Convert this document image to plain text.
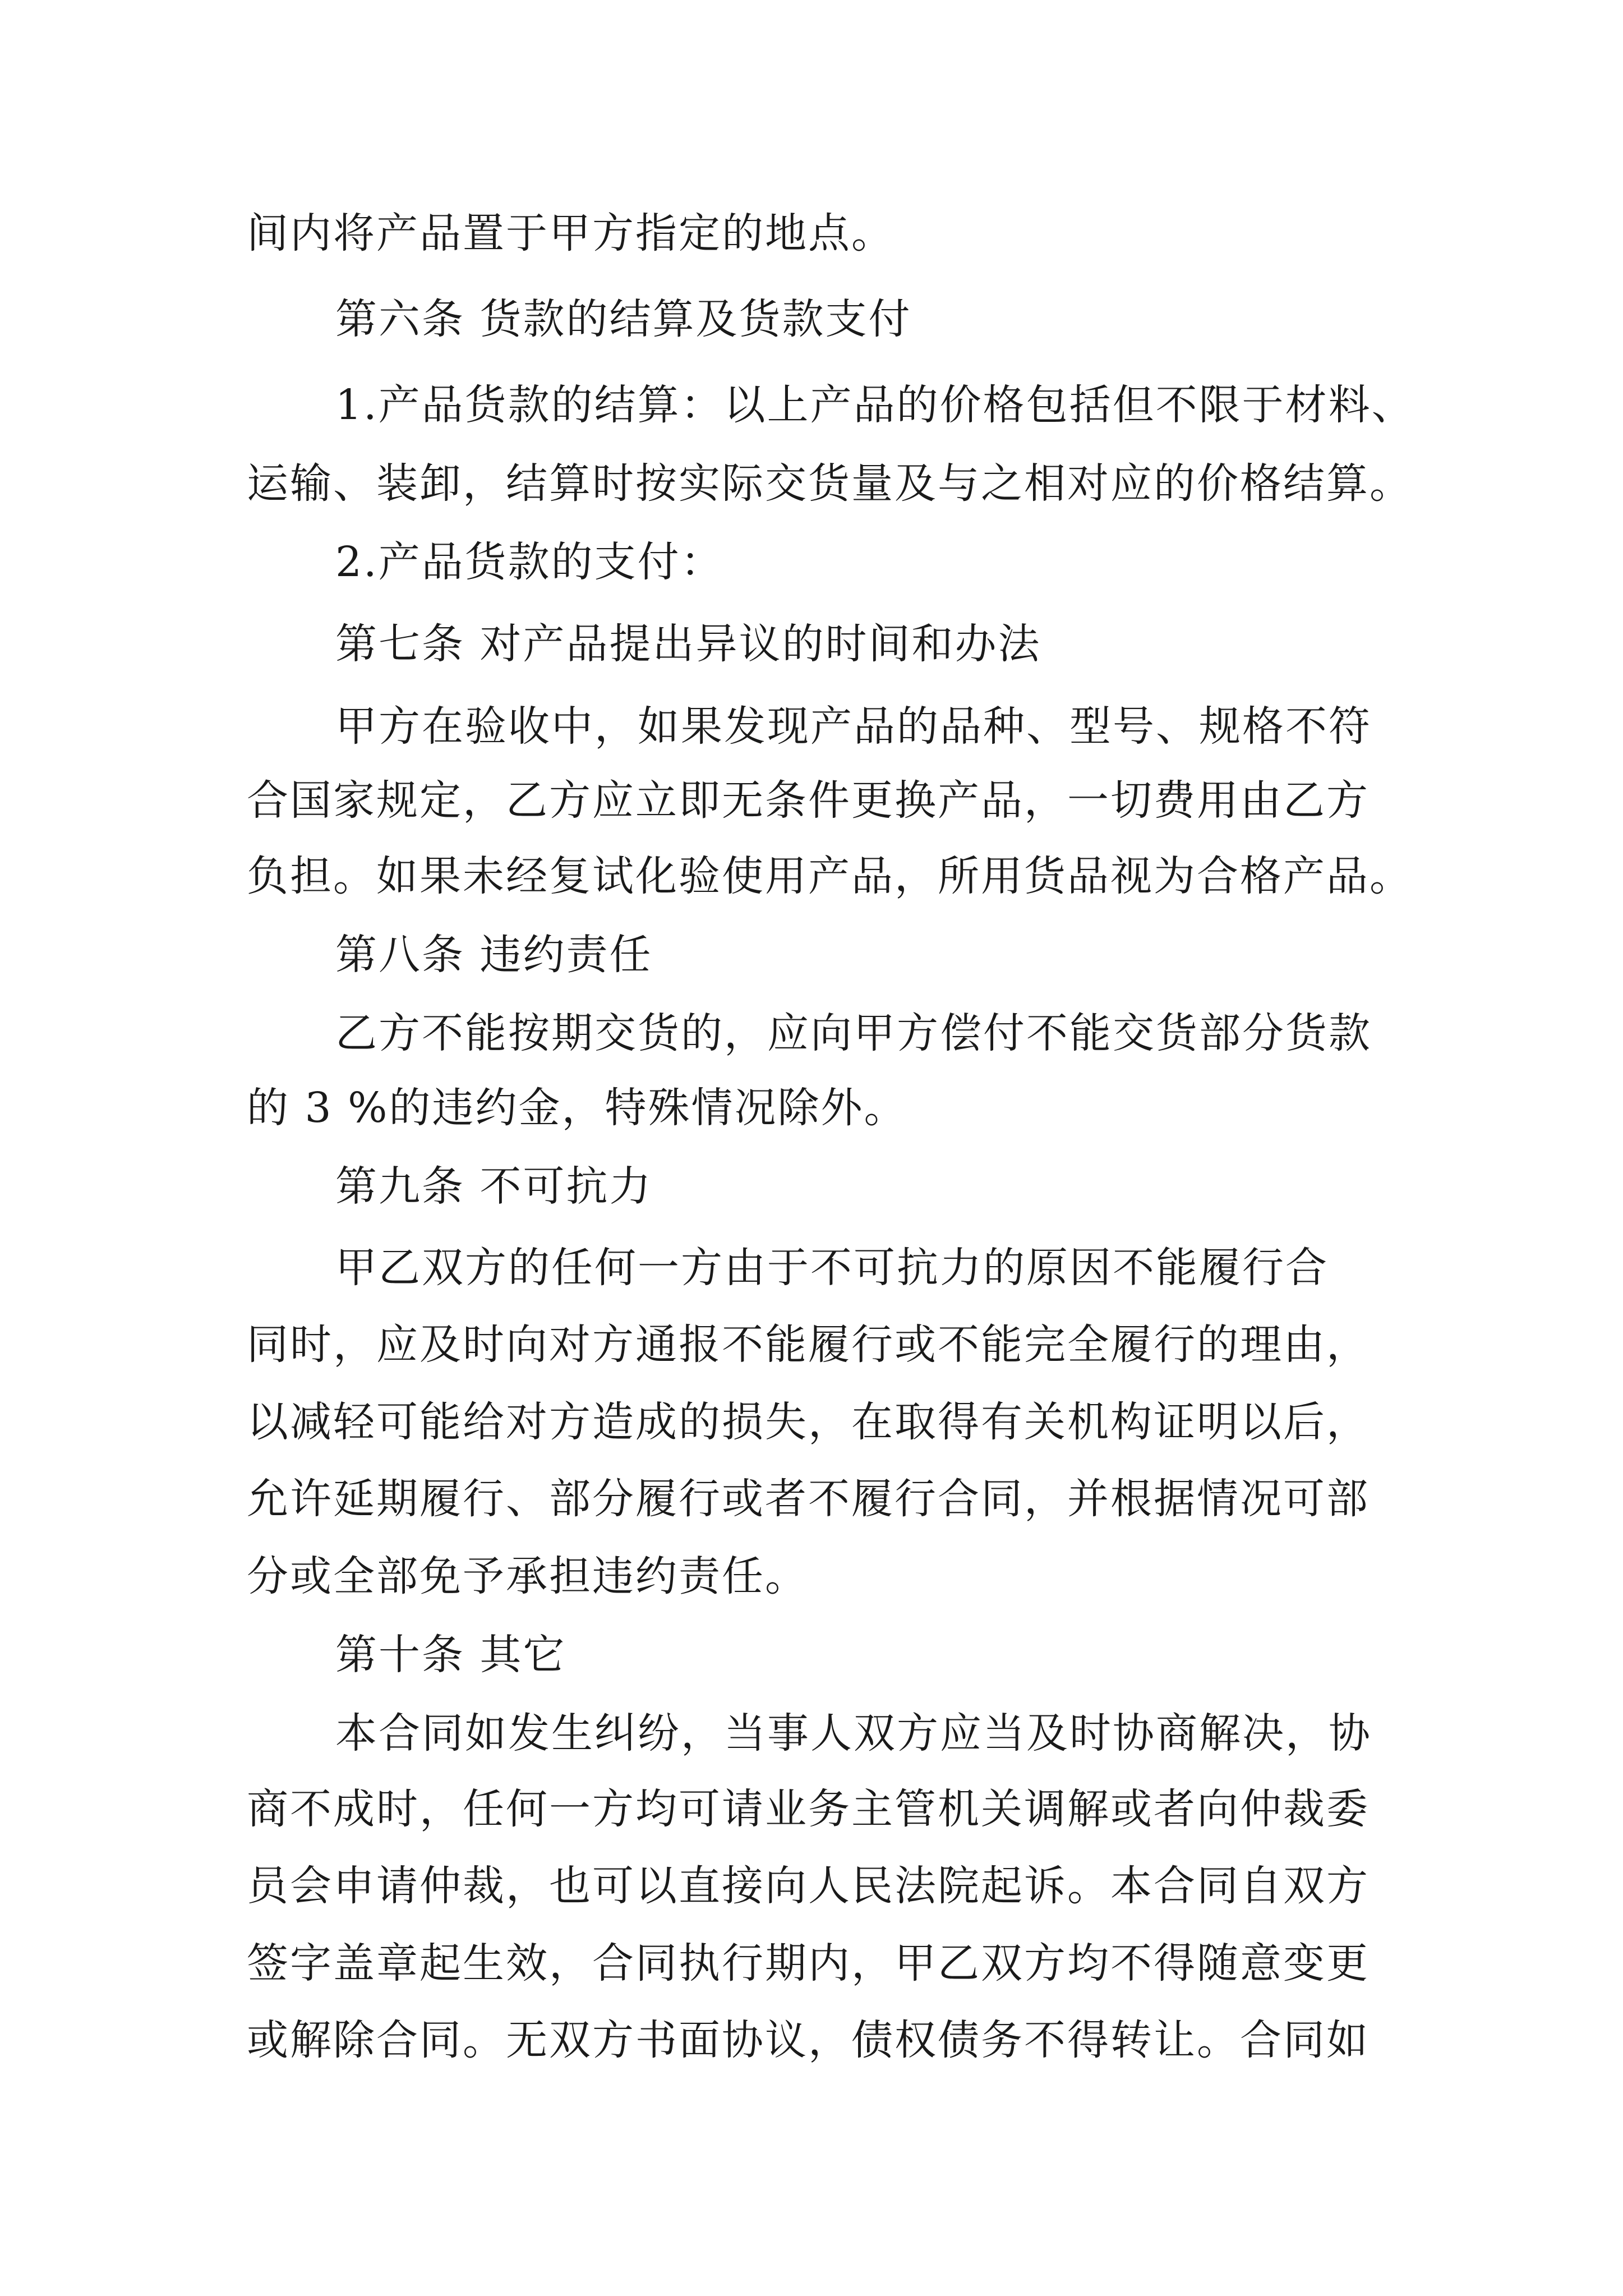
间内将产品置于甲方指定的地点。
第六条 货款的结算及货款支付
1.产品货款的结算：以上产品的价格包括但不限于材料、
运输、装卸，结算时按实际交货量及与之相对应的价格结算。
2.产品货款的支付：
第七条 对产品提出异议的时间和办法
甲方在验收中，如果发现产品的品种、型号、规格不符
合国家规定，乙方应立即无条件更换产品，一切费用由乙方
负担。如果未经复试化验使用产品，所用货品视为合格产品。
第八条 违约责任
乙方不能按期交货的，应向甲方偿付不能交货部分货款
的 3 %的违约金，特殊情况除外。
第九条 不可抗力
甲乙双方的任何一方由于不可抗力的原因不能履行合
同时，应及时向对方通报不能履行或不能完全履行的理由，
以减轻可能给对方造成的损失，在取得有关机构证明以后，
允许延期履行、部分履行或者不履行合同，并根据情况可部
分或全部免予承担违约责任。
第十条 其它
本合同如发生纠纷，当事人双方应当及时协商解决，协
商不成时，任何一方均可请业务主管机关调解或者向仲裁委
员会申请仲裁，也可以直接向人民法院起诉。本合同自双方
签字盖章起生效，合同执行期内，甲乙双方均不得随意变更
或解除合同。无双方书面协议，债权债务不得转让。合同如
